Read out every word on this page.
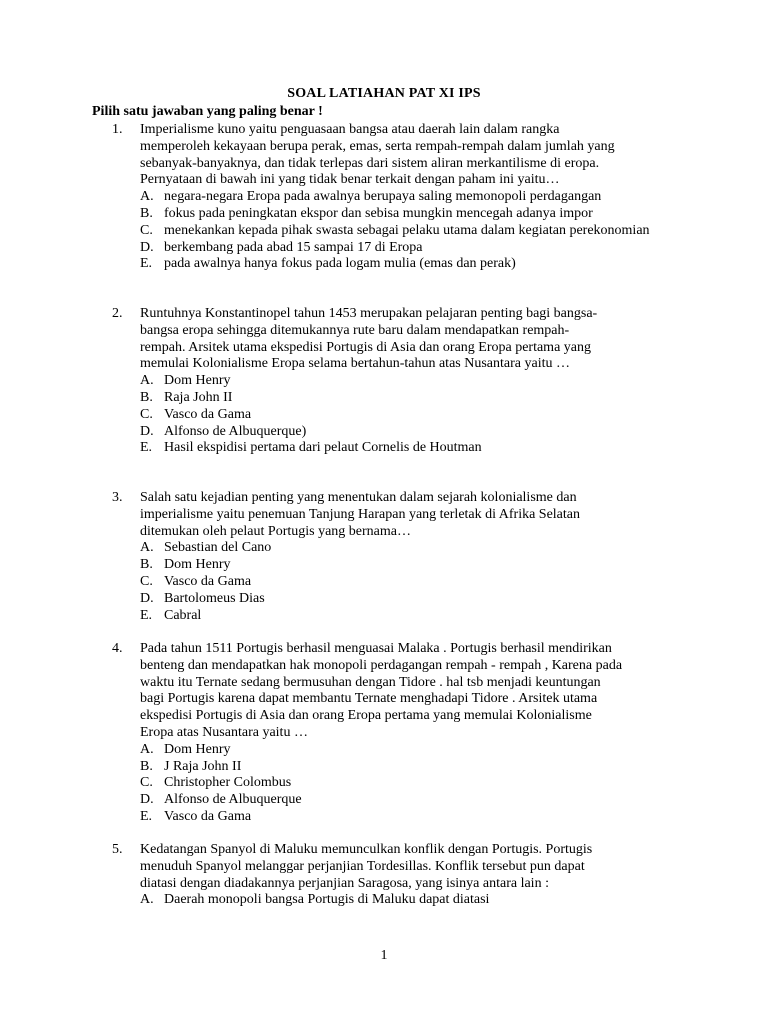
SOAL LATIAHAN PAT XI IPS
Pilih satu jawaban yang paling benar !
1.	Imperialisme kuno yaitu penguasaan bangsa atau daerah lain dalam rangka
memperoleh kekayaan berupa perak, emas, serta rempah-rempah dalam jumlah yang
sebanyak-banyaknya, dan tidak terlepas dari sistem aliran merkantilisme di eropa.
Pernyataan di bawah ini yang tidak benar terkait dengan paham ini yaitu…
A. negara-negara Eropa pada awalnya berupaya saling memonopoli perdagangan
B. fokus pada peningkatan ekspor dan sebisa mungkin mencegah adanya impor
C. menekankan kepada pihak swasta sebagai pelaku utama dalam kegiatan perekonomian
D. berkembang pada abad 15 sampai 17 di Eropa
E. pada awalnya hanya fokus pada logam mulia (emas dan perak)
2.	Runtuhnya Konstantinopel tahun 1453 merupakan pelajaran penting bagi bangsa-
bangsa eropa sehingga ditemukannya rute baru dalam mendapatkan rempah-
rempah. Arsitek utama ekspedisi Portugis di Asia dan orang Eropa pertama yang
memulai Kolonialisme Eropa selama bertahun-tahun atas Nusantara yaitu …
A. Dom Henry
B. Raja John II
C. Vasco da Gama
D. Alfonso de Albuquerque)
E. Hasil ekspidisi pertama dari pelaut Cornelis de Houtman
3.	Salah satu kejadian penting yang menentukan dalam sejarah kolonialisme dan
imperialisme yaitu penemuan Tanjung Harapan yang terletak di Afrika Selatan
ditemukan oleh pelaut Portugis yang bernama…
A. Sebastian del Cano
B. Dom Henry
C. Vasco da Gama
D. Bartolomeus Dias
E. Cabral
4.	Pada tahun 1511 Portugis berhasil menguasai Malaka . Portugis berhasil mendirikan
benteng dan mendapatkan hak monopoli perdagangan rempah - rempah , Karena pada
waktu itu Ternate sedang bermusuhan dengan Tidore . hal tsb menjadi keuntungan
bagi Portugis karena dapat membantu Ternate menghadapi Tidore . Arsitek utama
ekspedisi Portugis di Asia dan orang Eropa pertama yang memulai Kolonialisme
Eropa atas Nusantara yaitu …
A. Dom Henry
B. J Raja John II
C. Christopher Colombus
D. Alfonso de Albuquerque
E. Vasco da Gama
5.	Kedatangan Spanyol di Maluku memunculkan konflik dengan Portugis. Portugis
menuduh Spanyol melanggar perjanjian Tordesillas. Konflik tersebut pun dapat
diatasi dengan diadakannya perjanjian Saragosa, yang isinya antara lain :
A. Daerah monopoli bangsa Portugis di Maluku dapat diatasi
1
